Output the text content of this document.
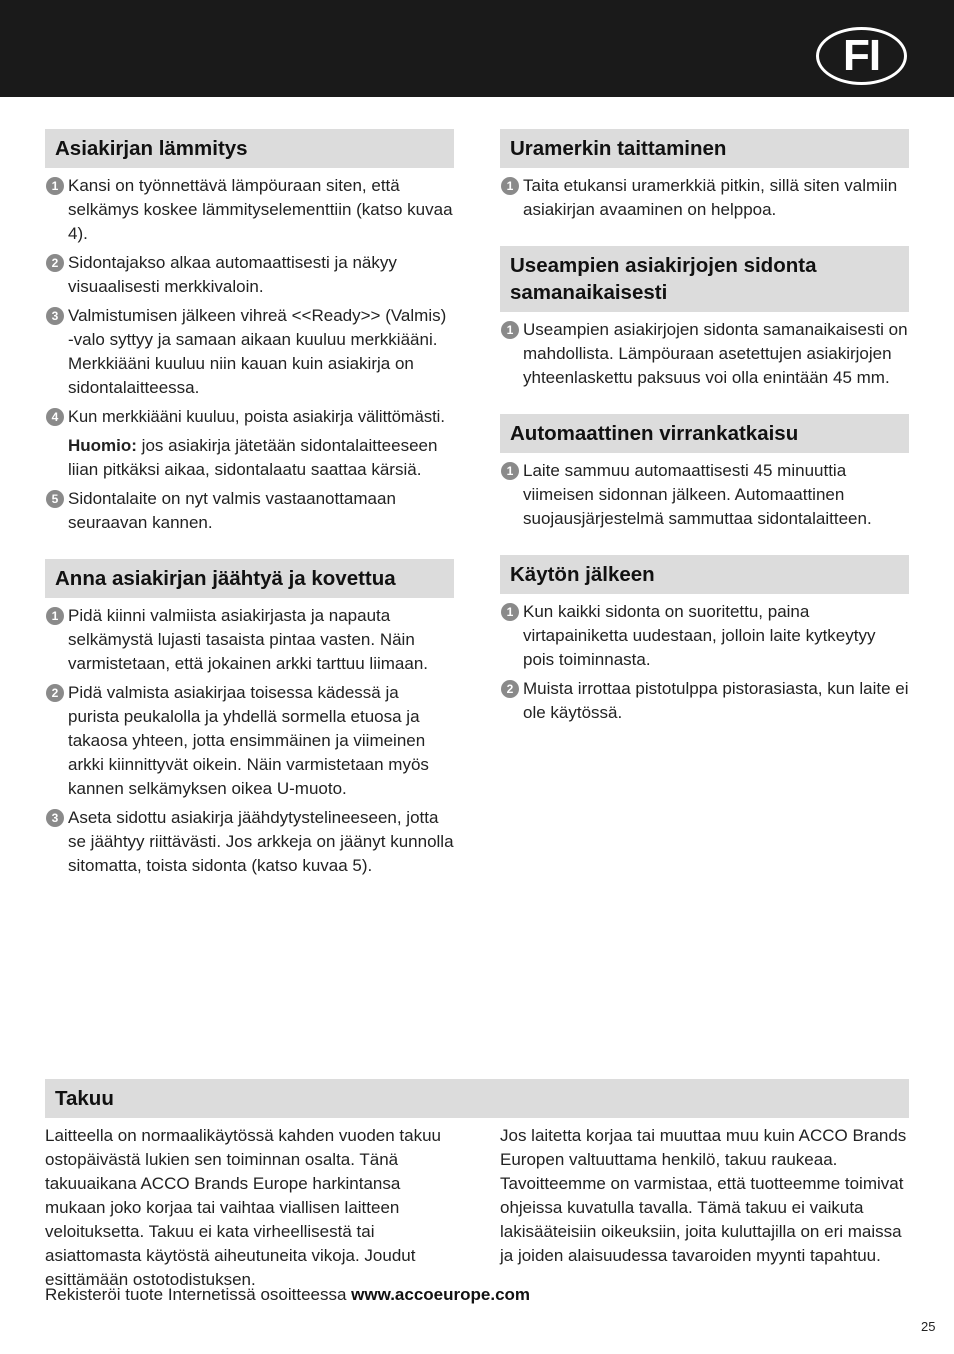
FI
Asiakirjan lämmitys
1 Kansi on työnnettävä lämpöuraan siten, että selkämys koskee lämmityselementtiin (katso kuvaa 4).
2 Sidontajakso alkaa automaattisesti ja näkyy visuaalisesti merkkivaloin.
3 Valmistumisen jälkeen vihreä <<Ready>> (Valmis) -valo syttyy ja samaan aikaan kuuluu merkkiääni. Merkkiääni kuuluu niin kauan kuin asiakirja on sidontalaitteessa.
4 Kun merkkiääni kuuluu, poista asiakirja välittömästi.
Huomio: jos asiakirja jätetään sidontalaitteeseen liian pitkäksi aikaa, sidontalaatu saattaa kärsiä.
5 Sidontalaite on nyt valmis vastaanottamaan seuraavan kannen.
Anna asiakirjan jäähtyä ja kovettua
1 Pidä kiinni valmiista asiakirjasta ja napauta selkämystä lujasti tasaista pintaa vasten. Näin varmistetaan, että jokainen arkki tarttuu liimaan.
2 Pidä valmista asiakirjaa toisessa kädessä ja purista peukalolla ja yhdellä sormella etuosa ja takaosa yhteen, jotta ensimmäinen ja viimeinen arkki kiinnittyvät oikein. Näin varmistetaan myös kannen selkämyksen oikea U-muoto.
3 Aseta sidottu asiakirja jäähdytystelineeseen, jotta se jäähtyy riittävästi. Jos arkkeja on jäänyt kunnolla sitomatta, toista sidonta (katso kuvaa 5).
Uramerkin taittaminen
1 Taita etukansi uramerkkiä pitkin, sillä siten valmiin asiakirjan avaaminen on helppoa.
Useampien asiakirjojen sidonta samanaikaisesti
1 Useampien asiakirjojen sidonta samanaikaisesti on mahdollista. Lämpöuraan asetettujen asiakirjojen yhteenlaskettu paksuus voi olla enintään 45 mm.
Automaattinen virrankatkaisu
1 Laite sammuu automaattisesti 45 minuuttia viimeisen sidonnan jälkeen. Automaattinen suojausjärjestelmä sammuttaa sidontalaitteen.
Käytön jälkeen
1 Kun kaikki sidonta on suoritettu, paina virtapainiketta uudestaan, jolloin laite kytkeytyy pois toiminnasta.
2 Muista irrottaa pistotulppa pistorasiasta, kun laite ei ole käytössä.
Takuu

Laitteella on normaalikäytössä kahden vuoden takuu ostopäivästä lukien sen toiminnan osalta. Tänä takuuaikana ACCO Brands Europe harkintansa mukaan joko korjaa tai vaihtaa viallisen laitteen veloituksetta. Takuu ei kata virheellisestä tai asiattomasta käytöstä aiheutuneita vikoja. Joudut esittämään ostotodistuksen.

Jos laitetta korjaa tai muuttaa muu kuin ACCO Brands Europen valtuuttama henkilö, takuu raukeaa. Tavoitteemme on varmistaa, että tuotteemme toimivat ohjeissa kuvatulla tavalla. Tämä takuu ei vaikuta lakisääteisiin oikeuksiin, joita kuluttajilla on eri maissa ja joiden alaisuudessa tavaroiden myynti tapahtuu.

Rekisteröi tuote Internetissä osoitteessa www.accoeurope.com
25
